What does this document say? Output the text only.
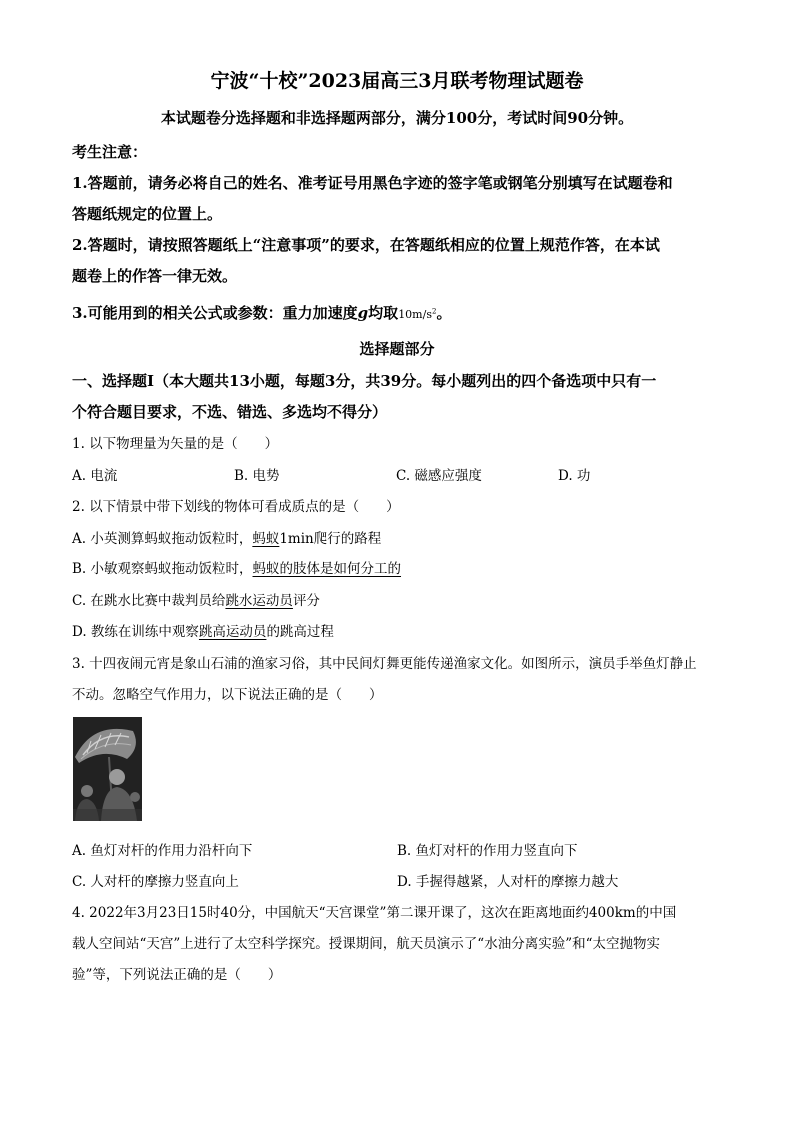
宁波“十校”2023届高三3月联考物理试题卷
本试题卷分选择题和非选择题两部分，满分100分，考试时间90分钟。
考生注意：
1.答题前，请务必将自己的姓名、准考证号用黑色字迹的签字笔或钢笔分别填写在试题卷和
答题纸规定的位置上。
2.答题时，请按照答题纸上“注意事项”的要求，在答题纸相应的位置上规范作答，在本试
题卷上的作答一律无效。
3.可能用到的相关公式或参数：重力加速度g均取$10m/s^2$。
选择题部分
一、选择题Ⅰ（本大题共13小题，每题3分，共39分。每小题列出的四个备选项中只有一
个符合题目要求，不选、错选、多选均不得分）
1. 以下物理量为矢量的是（　　）
A. 电流	B. 电势	C. 磁感应强度	D. 功
2. 以下情景中带下划线的物体可看成质点的是（　　）
A. 小英测算蚂蚁拖动饭粒时，蚂蚁1min爬行的路程
B. 小敏观察蚂蚁拖动饭粒时，蚂蚁的肢体是如何分工的
C. 在跳水比赛中裁判员给跳水运动员评分
D. 教练在训练中观察跳高运动员的跳高过程
3. 十四夜闹元宵是象山石浦的渔家习俗，其中民间灯舞更能传递渔家文化。如图所示，演员手举鱼灯静止
不动。忽略空气作用力，以下说法正确的是（　　）
A. 鱼灯对杆的作用力沿杆向下	B. 鱼灯对杆的作用力竖直向下
C. 人对杆的摩擦力竖直向上	D. 手握得越紧，人对杆的摩擦力越大
4. 2022年3月23日15时40分，中国航天“天宫课堂”第二课开课了，这次在距离地面约400km的中国
载人空间站“天宫”上进行了太空科学探究。授课期间，航天员演示了“水油分离实验”和“太空抛物实
验”等，下列说法正确的是（　　）
